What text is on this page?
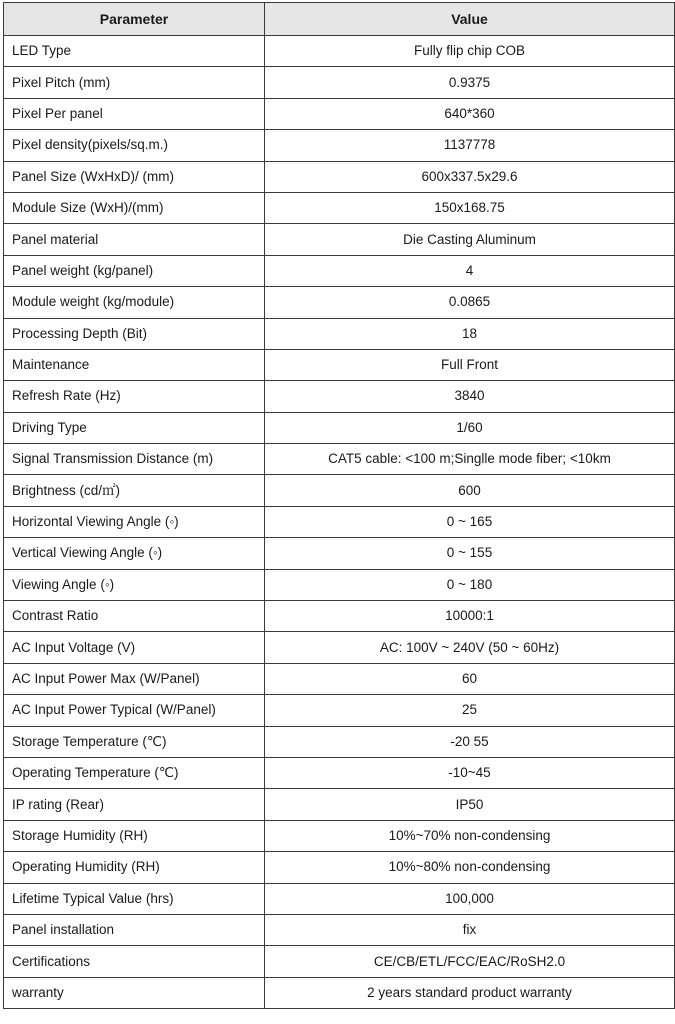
Parameter	Value
LED Type	Fully flip chip COB
Pixel Pitch (mm)	0.9375
Pixel Per panel	640*360
Pixel density(pixels/sq.m.)	1137778
Panel Size (WxHxD)/ (mm)	600x337.5x29.6
Module Size (WxH)/(mm)	150x168.75
Panel material	Die Casting Aluminum
Panel weight (kg/panel)	4
Module weight (kg/module)	0.0865
Processing Depth (Bit)	18
Maintenance	Full Front
Refresh Rate (Hz)	3840
Driving Type	1/60
Signal Transmission Distance (m)	CAT5 cable: <100 m;Singlle mode fiber; <10km
Brightness (cd/㎡)	600
Horizontal Viewing Angle (◦)	0 ~ 165
Vertical Viewing Angle (◦)	0 ~ 155
Viewing Angle (◦)	0 ~ 180
Contrast Ratio	10000:1
AC Input Voltage (V)	AC: 100V ~ 240V (50 ~ 60Hz)
AC Input Power Max (W/Panel)	60
AC Input Power Typical (W/Panel)	25
Storage Temperature (℃)	-20 55
Operating Temperature (℃)	-10~45
IP rating (Rear)	IP50
Storage Humidity (RH)	10%~70% non-condensing
Operating Humidity (RH)	10%~80% non-condensing
Lifetime Typical Value (hrs)	100,000
Panel installation	fix
Certifications	CE/CB/ETL/FCC/EAC/RoSH2.0
warranty	2 years standard product warranty
